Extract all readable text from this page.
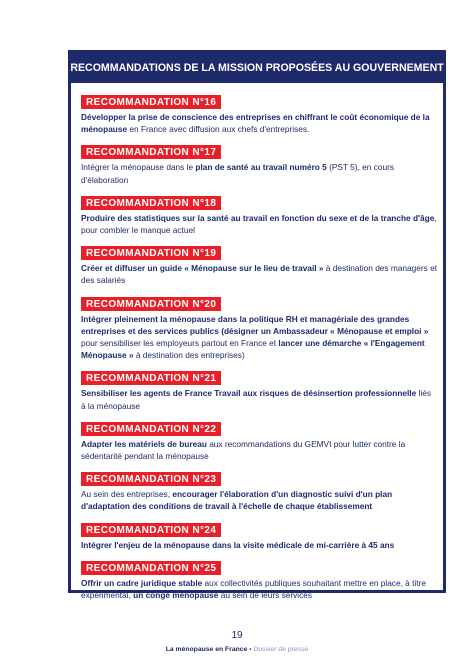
RECOMMANDATIONS DE LA MISSION PROPOSÉES AU GOUVERNEMENT
RECOMMANDATION N°16
Développer la prise de conscience des entreprises en chiffrant le coût économique de la ménopause en France avec diffusion aux chefs d'entreprises.
RECOMMANDATION N°17
Intégrer la ménopause dans le plan de santé au travail numéro 5 (PST 5), en cours d'élaboration
RECOMMANDATION N°18
Produire des statistiques sur la santé au travail en fonction du sexe et de la tranche d'âge, pour combler le manque actuel
RECOMMANDATION N°19
Créer et diffuser un guide « Ménopause sur le lieu de travail » à destination des managers et des salariés
RECOMMANDATION N°20
Intégrer pleinement la ménopause dans la politique RH et managériale des grandes entreprises et des services publics (désigner un Ambassadeur « Ménopause et emploi » pour sensibiliser les employeurs partout en France et lancer une démarche « l'Engagement Ménopause » à destination des entreprises)
RECOMMANDATION N°21
Sensibiliser les agents de France Travail aux risques de désinsertion professionnelle liés à la ménopause
RECOMMANDATION N°22
Adapter les matériels de bureau aux recommandations du GEMVI pour lutter contre la sédentarité pendant la ménopause
RECOMMANDATION N°23
Au sein des entreprises, encourager l'élaboration d'un diagnostic suivi d'un plan d'adaptation des conditions de travail à l'échelle de chaque établissement
RECOMMANDATION N°24
Intégrer l'enjeu de la ménopause dans la visite médicale de mi-carrière à 45 ans
RECOMMANDATION N°25
Offrir un cadre juridique stable aux collectivités publiques souhaitant mettre en place, à titre expérimental, un congé ménopause au sein de leurs services
19
La ménopause en France • Dossier de presse
